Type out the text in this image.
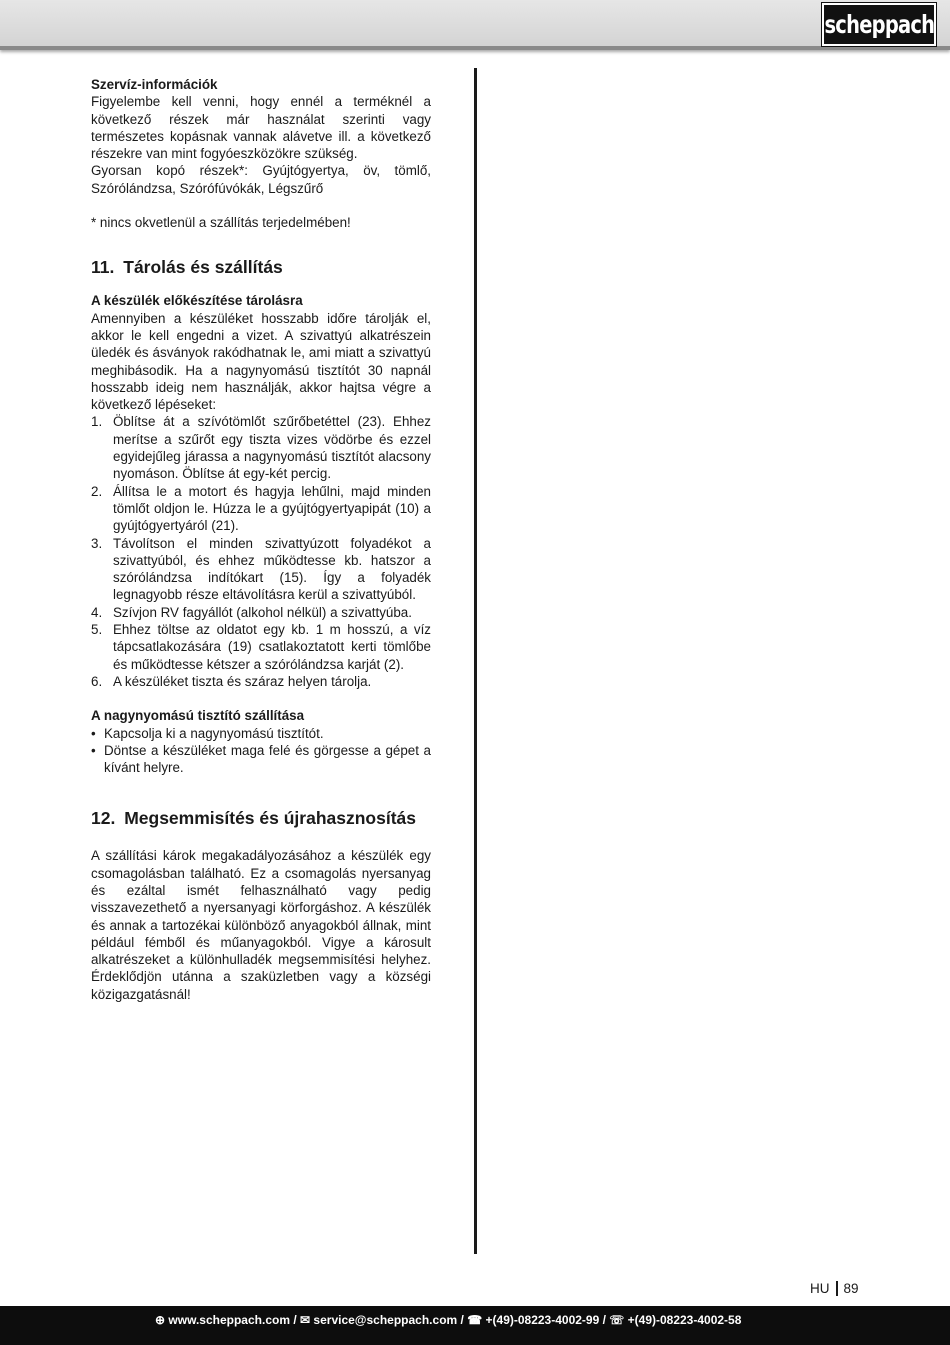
scheppach
Szervíz-információk
Figyelembe kell venni, hogy ennél a terméknél a következő részek már használat szerinti vagy természetes kopásnak vannak alávetve ill. a következő részekre van mint fogyóeszközökre szükség.
Gyorsan kopó részek*: Gyújtógyertya, öv, tömlő, Szórólándzsa, Szórófúvókák, Légszűrő
* nincs okvetlenül a szállítás terjedelmében!
11. Tárolás és szállítás
A készülék előkészítése tárolásra
Amennyiben a készüléket hosszabb időre tárolják el, akkor le kell engedni a vizet. A szivattyú alkatrészein üledék és ásványok rakódhatnak le, ami miatt a szivattyú meghibásodik. Ha a nagynyomású tisztítót 30 napnál hosszabb ideig nem használják, akkor hajtsa végre a következő lépéseket:
1. Öblítse át a szívótömlőt szűrőbetéttel (23). Ehhez merítse a szűrőt egy tiszta vizes vödörbe és ezzel egyidejűleg járassa a nagynyomású tisztítót alacsony nyomáson. Öblítse át egy-két percig.
2. Állítsa le a motort és hagyja lehűlni, majd minden tömlőt oldjon le. Húzza le a gyújtógyertyapipát (10) a gyújtógyertyáról (21).
3. Távolítson el minden szivattyúzott folyadékot a szivattyúból, és ehhez működtesse kb. hatszor a szórólándzsa indítókart (15). Így a folyadék legnagyobb része eltávolításra kerül a szivattyúból.
4. Szívjon RV fagyállót (alkohol nélkül) a szivattyúba.
5. Ehhez töltse az oldatot egy kb. 1 m hosszú, a víz tápcsatlakozására (19) csatlakoztatott kerti tömlőbe és működtesse kétszer a szórólándzsa karját (2).
6. A készüléket tiszta és száraz helyen tárolja.
A nagynyomású tisztító szállítása
• Kapcsolja ki a nagynyomású tisztítót.
• Döntse a készüléket maga felé és görgesse a gépet a kívánt helyre.
12. Megsemmisítés és újrahasznosítás
A szállítási károk megakadályozásához a készülék egy csomagolásban található. Ez a csomagolás nyersanyag és ezáltal ismét felhasználható vagy pedig visszavezethető a nyersanyagi körforgáshoz. A készülék és annak a tartozékai különböző anyagokból állnak, mint például fémből és műanyagokból. Vigye a károsult alkatrészeket a különhulladék megsemmisítési helyhez. Érdeklődjön utánna a szaküzletben vagy a községi közigazgatásnál!
HU 89
⊕ www.scheppach.com / ✉ service@scheppach.com / ☎ +(49)-08223-4002-99 / ☏ +(49)-08223-4002-58
